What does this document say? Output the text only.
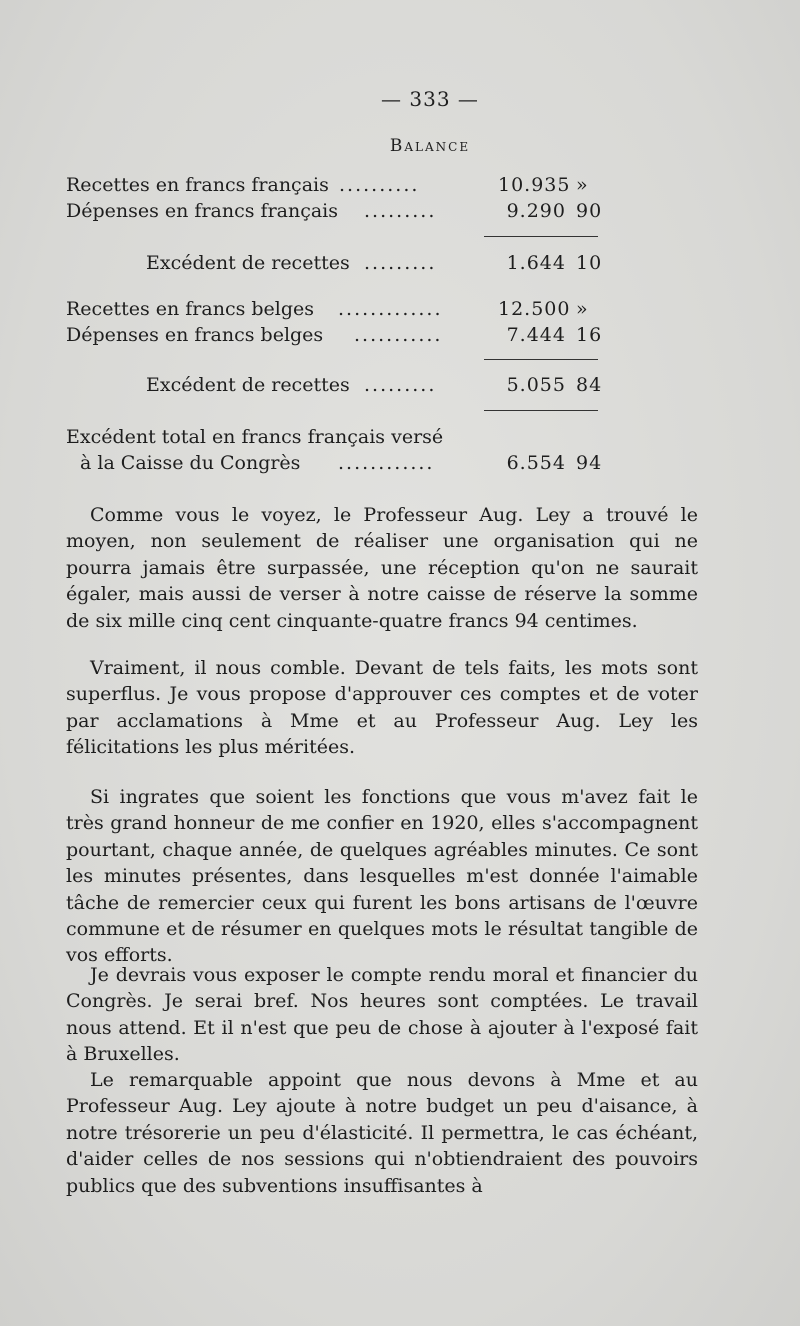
— 333 —
Balance
Recettes en francs français ..........	10.935 »
Dépenses en francs français .........	9.290 90
Excédent de recettes .........	1.644 10
Recettes en francs belges .............	12.500 »
Dépenses en francs belges ...........	7.444 16
Excédent de recettes .........	5.055 84
Excédent total en francs français versé
à la Caisse du Congrès ............	6.554 94
Comme vous le voyez, le Professeur Aug. Ley a trouvé le moyen, non seulement de réaliser une organisation qui ne pourra jamais être surpassée, une réception qu'on ne saurait égaler, mais aussi de verser à notre caisse de réserve la somme de six mille cinq cent cinquante-quatre francs 94 centimes.
Vraiment, il nous comble. Devant de tels faits, les mots sont superflus. Je vous propose d'approuver ces comptes et de voter par acclamations à Mme et au Professeur Aug. Ley les félicitations les plus méritées.
Si ingrates que soient les fonctions que vous m'avez fait le très grand honneur de me confier en 1920, elles s'accompagnent pourtant, chaque année, de quelques agréables minutes. Ce sont les minutes présentes, dans lesquelles m'est donnée l'aimable tâche de remercier ceux qui furent les bons artisans de l'œuvre commune et de résumer en quelques mots le résultat tangible de vos efforts.
Je devrais vous exposer le compte rendu moral et financier du Congrès. Je serai bref. Nos heures sont comptées. Le travail nous attend. Et il n'est que peu de chose à ajouter à l'exposé fait à Bruxelles.
Le remarquable appoint que nous devons à Mme et au Professeur Aug. Ley ajoute à notre budget un peu d'aisance, à notre trésorerie un peu d'élasticité. Il permettra, le cas échéant, d'aider celles de nos sessions qui n'obtiendraient des pouvoirs publics que des subventions insuffisantes à
